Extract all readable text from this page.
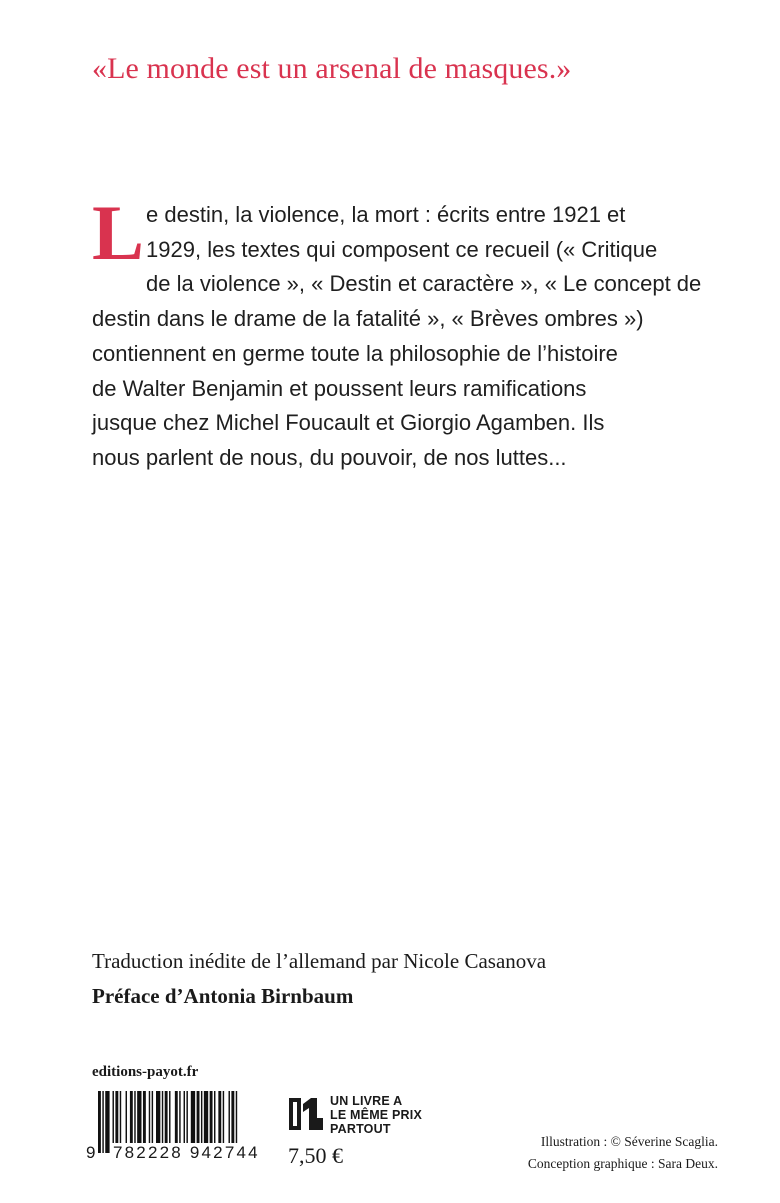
«Le monde est un arsenal de masques.»
L e destin, la violence, la mort : écrits entre 1921 et
1929, les textes qui composent ce recueil (« Critique
de la violence », « Destin et caractère », « Le concept de
destin dans le drame de la fatalité », « Brèves ombres »)
contiennent en germe toute la philosophie de l’histoire
de Walter Benjamin et poussent leurs ramifications
jusque chez Michel Foucault et Giorgio Agamben. Ils
nous parlent de nous, du pouvoir, de nos luttes...
Traduction inédite de l’allemand par Nicole Casanova
Préface d’Antonia Birnbaum
editions-payot.fr
9 782228 942744
UN LIVRE A
LE MÊME PRIX
PARTOUT
7,50 €
Illustration : © Séverine Scaglia.
Conception graphique : Sara Deux.
